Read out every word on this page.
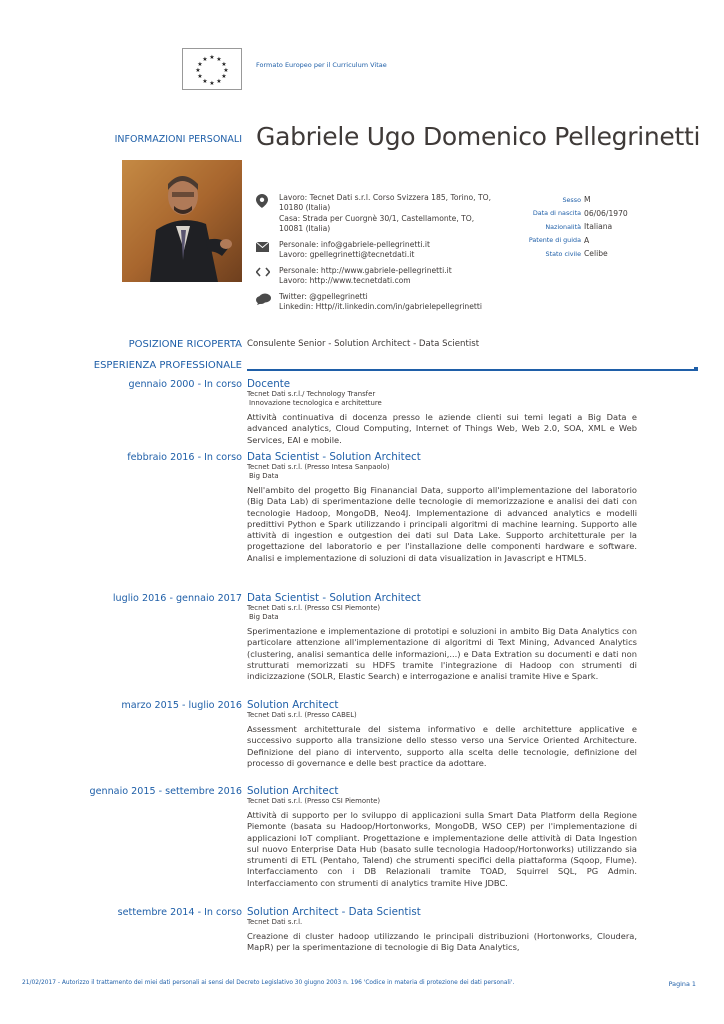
★ ★
★
★
★
★
★
★
★
★
★
★
Formato Europeo per il Curriculum Vitae
INFORMAZIONI PERSONALI Gabriele Ugo Domenico Pellegrinetti
Lavoro: Tecnet Dati s.r.l. Corso Svizzera 185, Torino, TO,
10180 (Italia)
Casa: Strada per Cuorgnè 30/1, Castellamonte, TO,
10081 (Italia)
Personale: info@gabriele-pellegrinetti.it
Lavoro: gpellegrinetti@tecnetdati.it
Personale: http://www.gabriele-pellegrinetti.it
Lavoro: http://www.tecnetdati.com
Twitter: @gpellegrinetti
Linkedin: Http//it.linkedin.com/in/gabrielepellegrinetti
Sesso M
Data di nascita 06/06/1970
Nazionalità Italiana
Patente di guida A
Stato civile Celibe
POSIZIONE RICOPERTA Consulente Senior - Solution Architect - Data Scientist
ESPERIENZA PROFESSIONALE
gennaio 2000 - In corso Docente
Tecnet Dati s.r.l./ Technology Transfer
Innovazione tecnologica e architetture
Attività continuativa di docenza presso le aziende clienti sui temi legati a Big Data e advanced analytics, Cloud Computing, Internet of Things Web, Web 2.0, SOA, XML e Web Services, EAI e mobile.
febbraio 2016 - In corso Data Scientist - Solution Architect
Tecnet Dati s.r.l. (Presso Intesa Sanpaolo)
Big Data
Nell'ambito del progetto Big Finanancial Data, supporto all'implementazione del laboratorio (Big Data Lab) di sperimentazione delle tecnologie di memorizzazione e analisi dei dati con tecnologie Hadoop, MongoDB, Neo4J. Implementazione di advanced analytics e modelli predittivi Python e Spark utilizzando i principali algoritmi di machine learning. Supporto alle attività di ingestion e outgestion dei dati sul Data Lake. Supporto architetturale per la progettazione del laboratorio e per l'installazione delle componenti hardware e software. Analisi e implementazione di soluzioni di data visualization in Javascript e HTML5.
luglio 2016 - gennaio 2017 Data Scientist - Solution Architect
Tecnet Dati s.r.l. (Presso CSI Piemonte)
Big Data
Sperimentazione e implementazione di prototipi e soluzioni in ambito Big Data Analytics con particolare attenzione all'implementazione di algoritmi di Text Mining, Advanced Analytics (clustering, analisi semantica delle informazioni,...) e Data Extration su documenti e dati non strutturati memorizzati su HDFS tramite l'integrazione di Hadoop con strumenti di indicizzazione (SOLR, Elastic Search) e interrogazione e analisi tramite Hive e Spark.
marzo 2015 - luglio 2016 Solution Architect
Tecnet Dati s.r.l. (Presso CABEL)
Assessment architetturale del sistema informativo e delle architetture applicative e successivo supporto alla transizione dello stesso verso una Service Oriented Architecture. Definizione del piano di intervento, supporto alla scelta delle tecnologie, definizione del processo di governance e delle best practice da adottare.
gennaio 2015 - settembre 2016 Solution Architect
Tecnet Dati s.r.l. (Presso CSI Piemonte)
Attività di supporto per lo sviluppo di applicazioni sulla Smart Data Platform della Regione Piemonte (basata su Hadoop/Hortonworks, MongoDB, WSO CEP) per l'implementazione di applicazioni IoT compliant. Progettazione e implementazione delle attività di Data Ingestion sul nuovo Enterprise Data Hub (basato sulle tecnologia Hadoop/Hortonworks) utilizzando sia strumenti di ETL (Pentaho, Talend) che strumenti specifici della piattaforma (Sqoop, Flume). Interfacciamento con i DB Relazionali tramite TOAD, Squirrel SQL, PG Admin. Interfacciamento con strumenti di analytics tramite Hive JDBC.
settembre 2014 - In corso Solution Architect - Data Scientist
Tecnet Dati s.r.l.
Creazione di cluster hadoop utilizzando le principali distribuzioni (Hortonworks, Cloudera, MapR) per la sperimentazione di tecnologie di Big Data Analytics,
21/02/2017 - Autorizzo il trattamento dei miei dati personali ai sensi del Decreto Legislativo 30 giugno 2003 n. 196 'Codice in materia di protezione dei dati personali'.	Pagina 1
